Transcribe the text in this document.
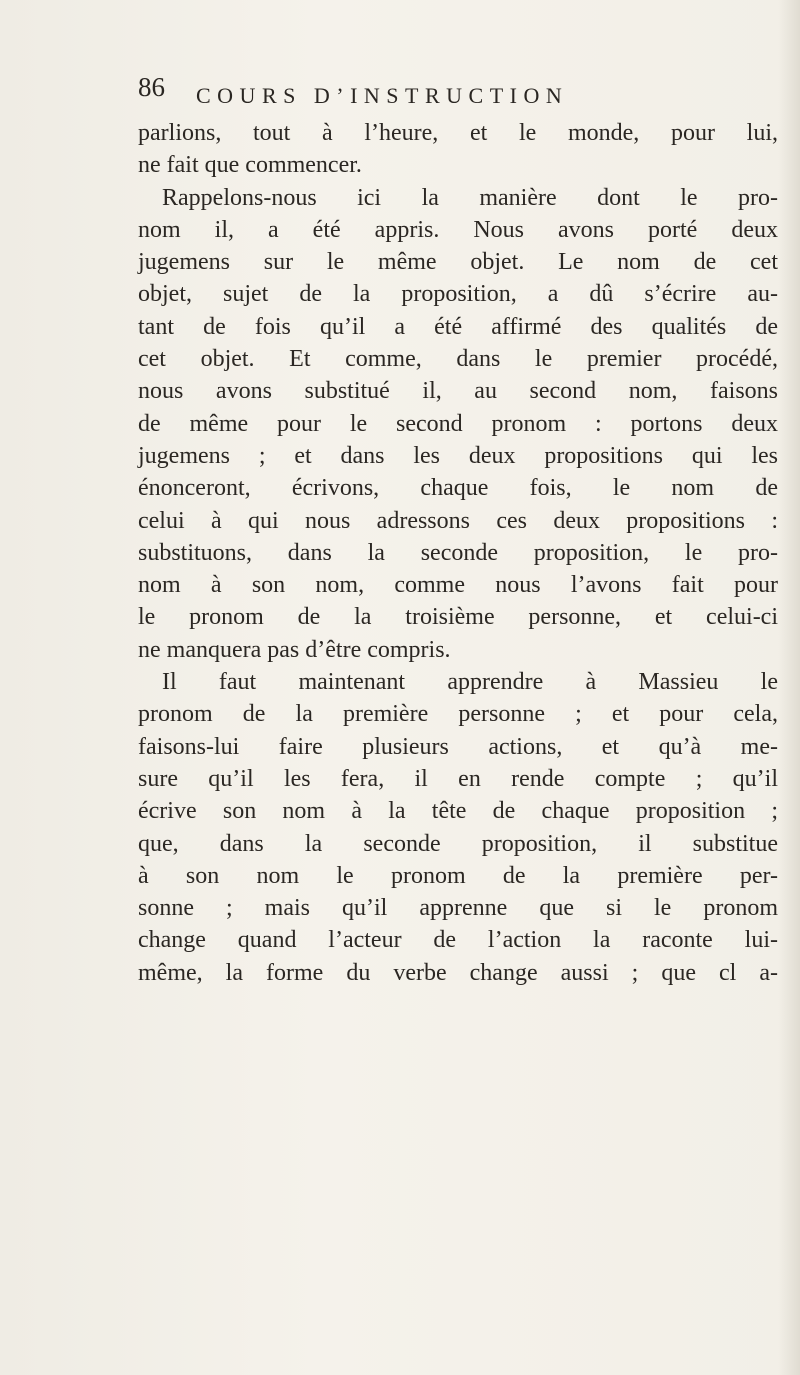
86 COURS D’INSTRUCTION
parlions, tout à l’heure, et le monde, pour lui,
ne fait que commencer.
Rappelons-nous ici la manière dont le pro-
nom il, a été appris. Nous avons porté deux
jugemens sur le même objet. Le nom de cet
objet, sujet de la proposition, a dû s’écrire au-
tant de fois qu’il a été affirmé des qualités de
cet objet. Et comme, dans le premier procédé,
nous avons substitué il, au second nom, faisons
de même pour le second pronom : portons deux
jugemens ; et dans les deux propositions qui les
énonceront, écrivons, chaque fois, le nom de
celui à qui nous adressons ces deux propositions :
substituons, dans la seconde proposition, le pro-
nom à son nom, comme nous l’avons fait pour
le pronom de la troisième personne, et celui-ci
ne manquera pas d’être compris.
Il faut maintenant apprendre à Massieu le
pronom de la première personne ; et pour cela,
faisons-lui faire plusieurs actions, et qu’à me-
sure qu’il les fera, il en rende compte ; qu’il
écrive son nom à la tête de chaque proposition ;
que, dans la seconde proposition, il substitue
à son nom le pronom de la première per-
sonne ; mais qu’il apprenne que si le pronom
change quand l’acteur de l’action la raconte lui-
même, la forme du verbe change aussi ; que cl a-
